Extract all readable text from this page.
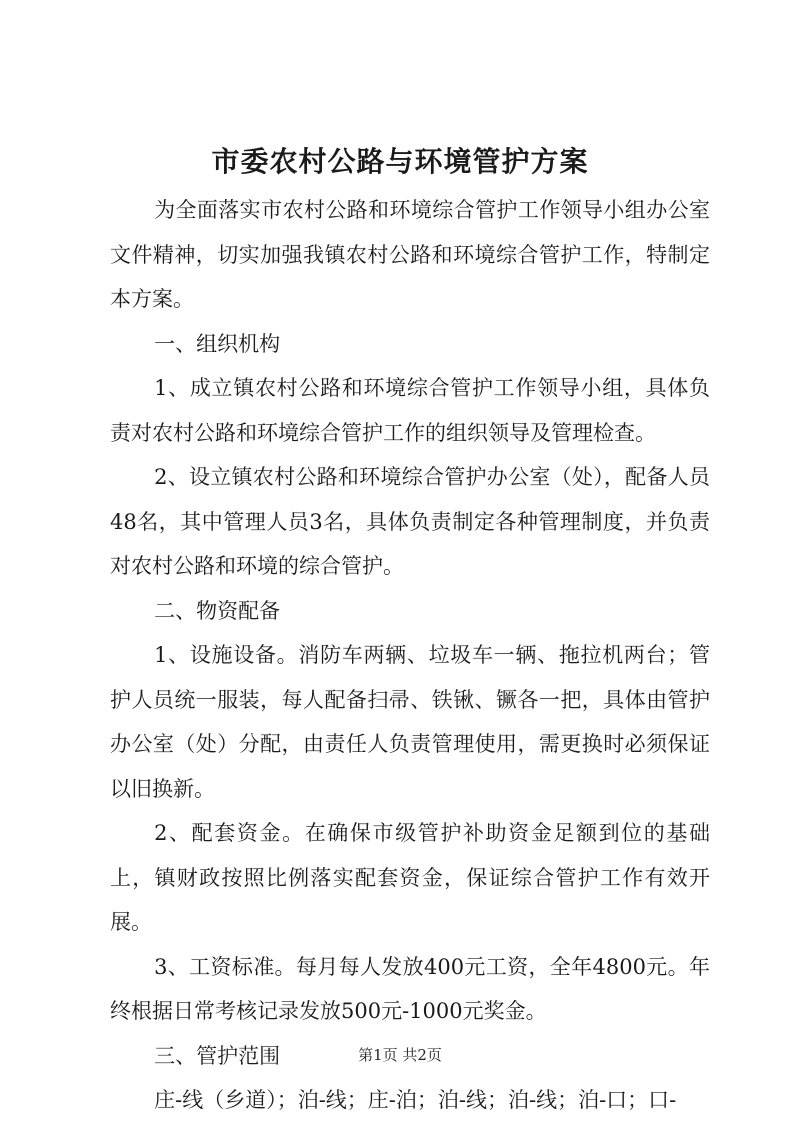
市委农村公路与环境管护方案

为全面落实市农村公路和环境综合管护工作领导小组办公室文件精神，切实加强我镇农村公路和环境综合管护工作，特制定本方案。

一、组织机构

1、成立镇农村公路和环境综合管护工作领导小组，具体负责对农村公路和环境综合管护工作的组织领导及管理检查。

2、设立镇农村公路和环境综合管护办公室（处），配备人员48名，其中管理人员3名，具体负责制定各种管理制度，并负责对农村公路和环境的综合管护。

二、物资配备

1、设施设备。消防车两辆、垃圾车一辆、拖拉机两台；管护人员统一服装，每人配备扫帚、铁锹、镢各一把，具体由管护办公室（处）分配，由责任人负责管理使用，需更换时必须保证以旧换新。

2、配套资金。在确保市级管护补助资金足额到位的基础上，镇财政按照比例落实配套资金，保证综合管护工作有效开展。

3、工资标准。每月每人发放400元工资，全年4800元。年终根据日常考核记录发放500元-1000元奖金。

三、管护范围

庄-线（乡道）；泊-线；庄-泊；泊-线；泊-线；泊-口；口-

第1页 共2页
